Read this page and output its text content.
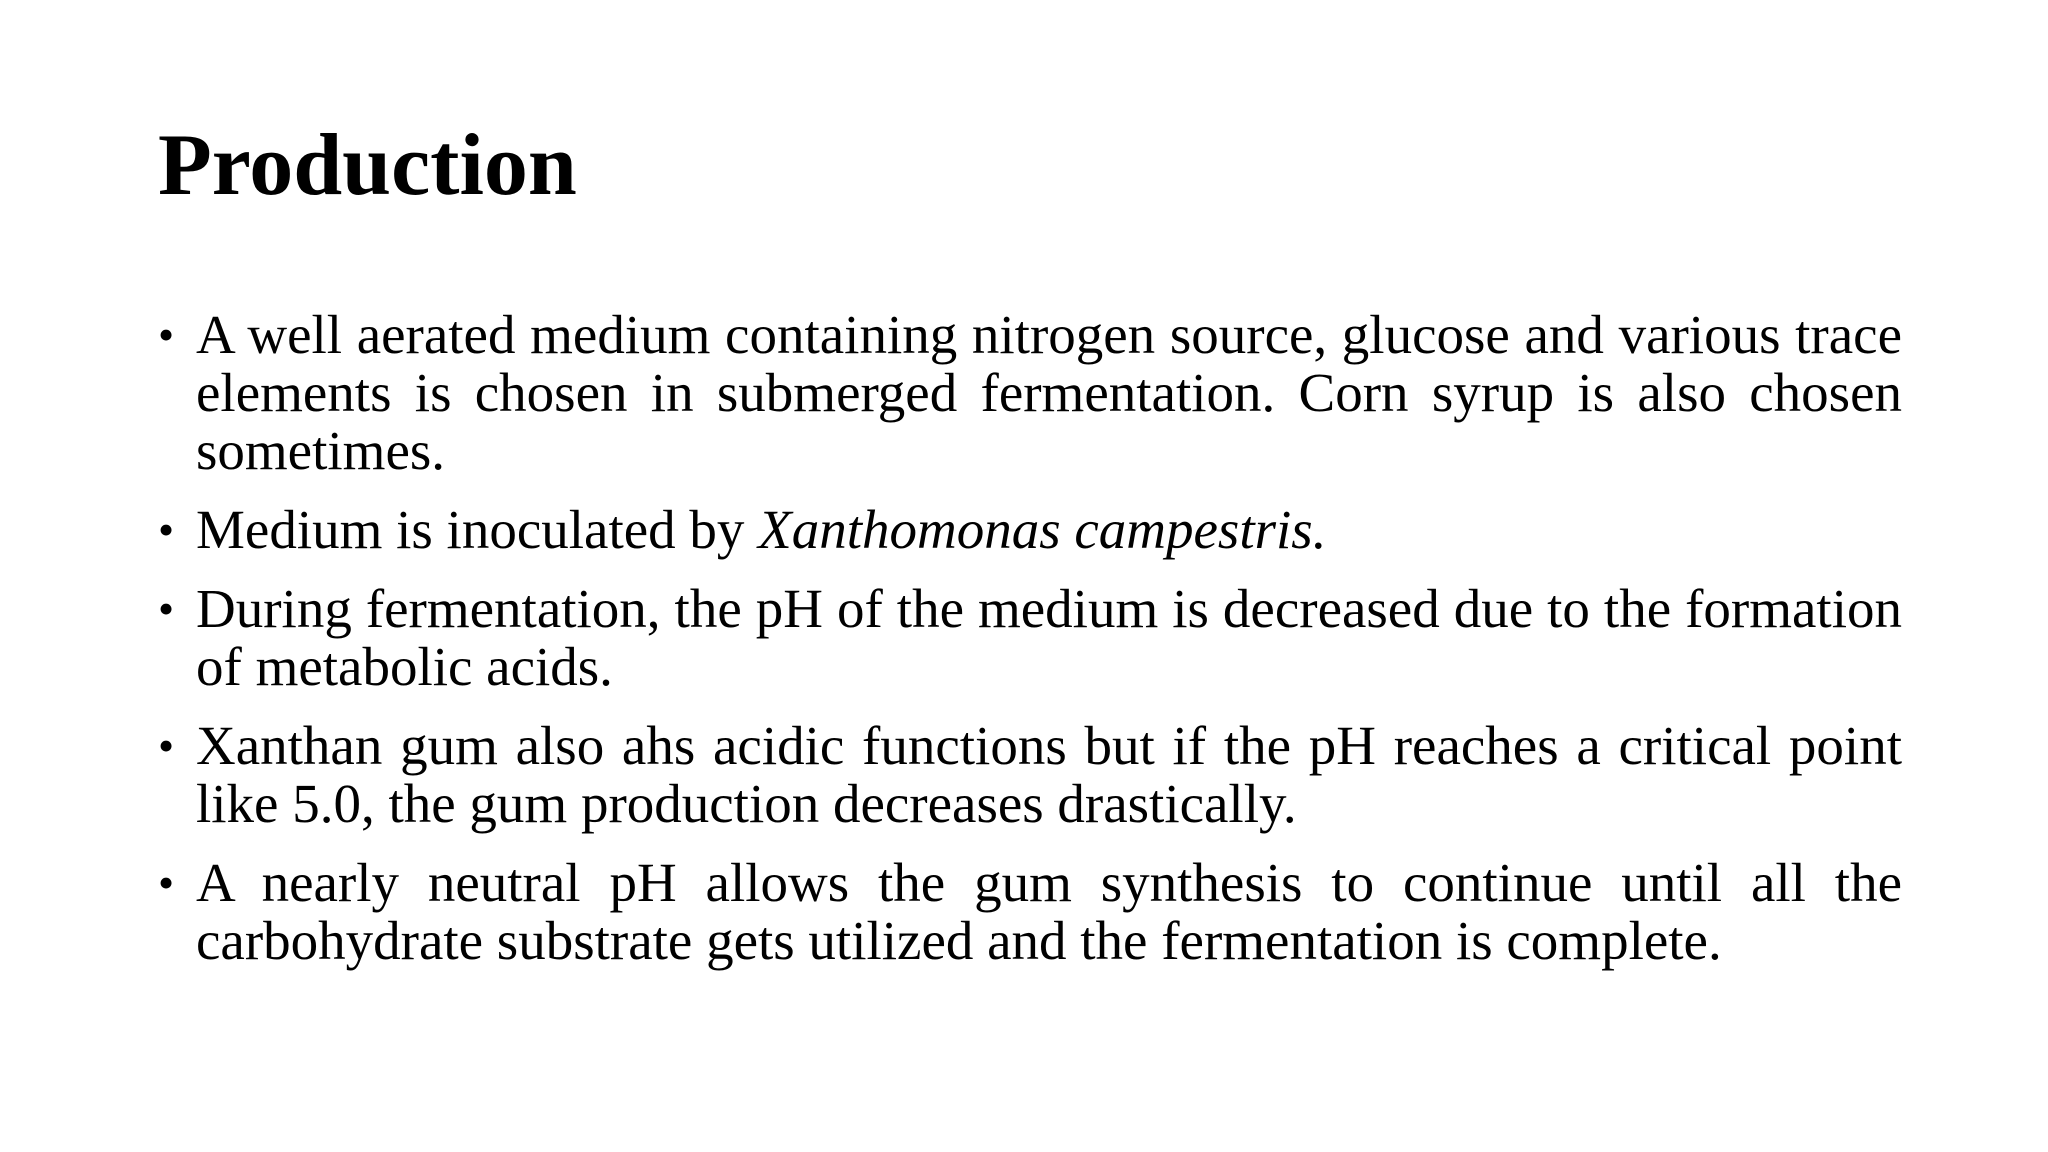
Production
• A well aerated medium containing nitrogen source, glucose and various trace elements is chosen in submerged fermentation. Corn syrup is also chosen sometimes.
• Medium is inoculated by Xanthomonas campestris.
• During fermentation, the pH of the medium is decreased due to the formation of metabolic acids.
• Xanthan gum also ahs acidic functions but if the pH reaches a critical point like 5.0, the gum production decreases drastically.
• A nearly neutral pH allows the gum synthesis to continue until all the carbohydrate substrate gets utilized and the fermentation is complete.
